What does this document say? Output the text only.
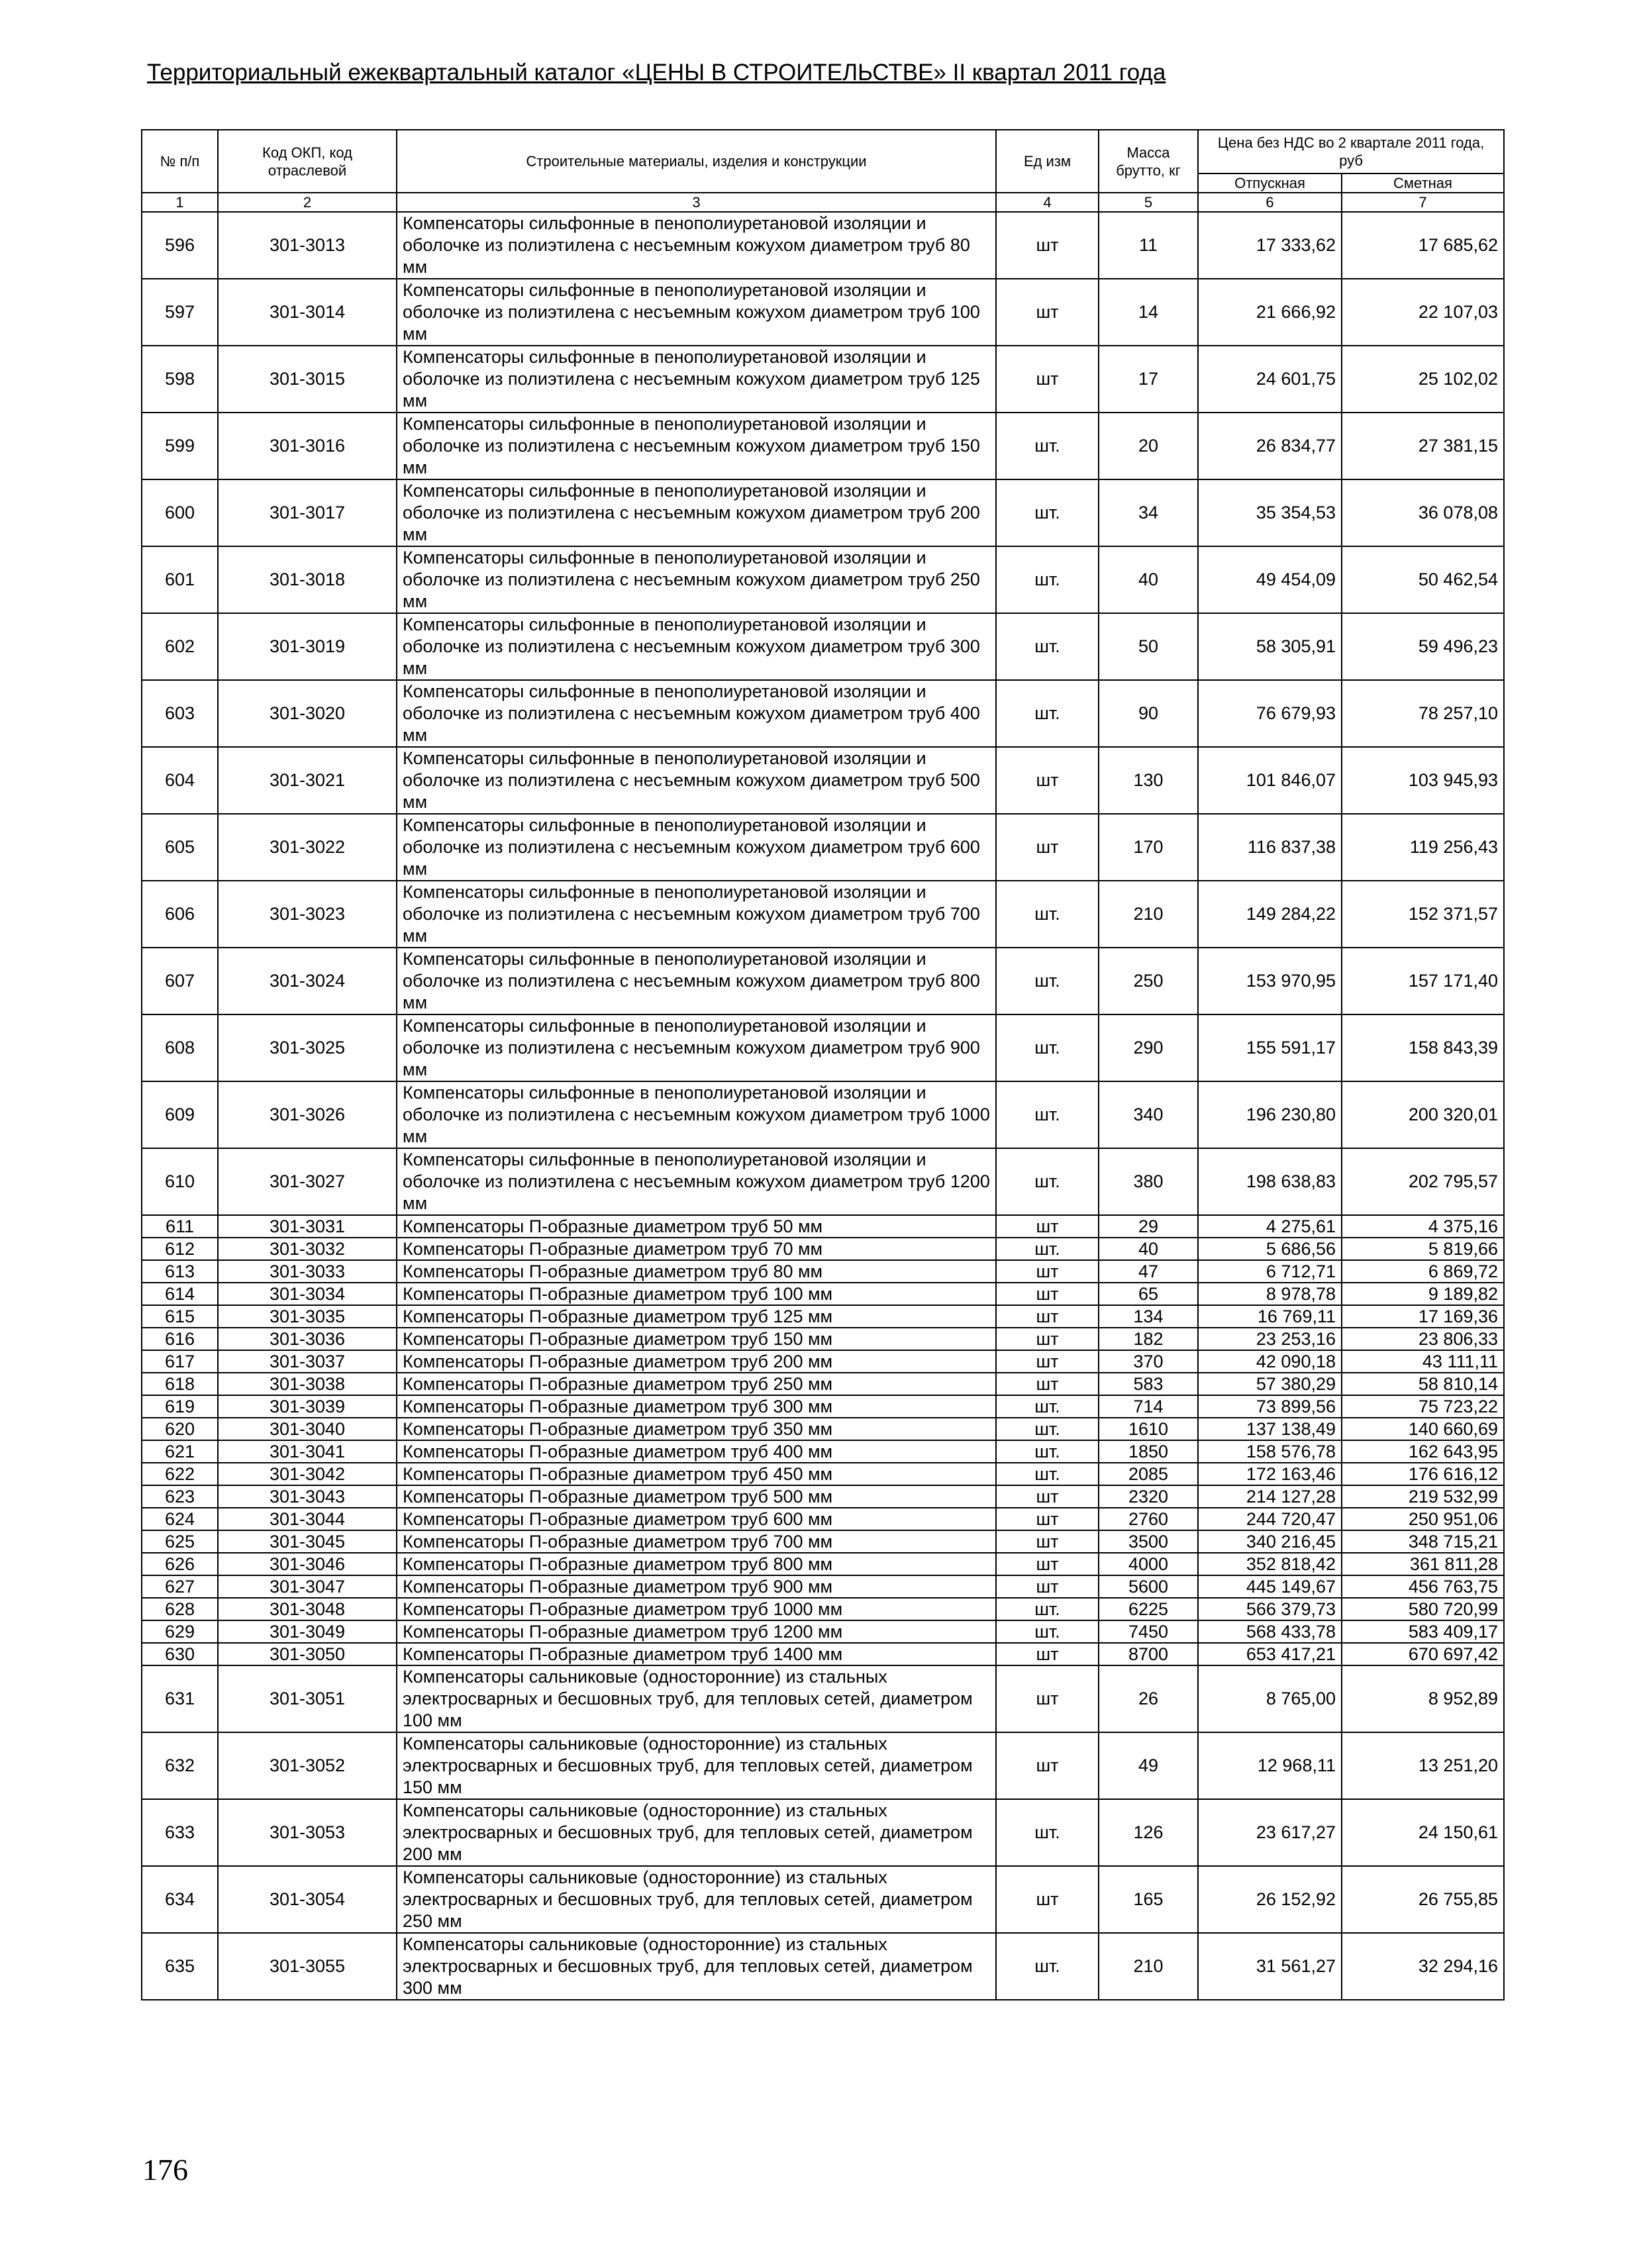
Территориальный ежеквартальный каталог «ЦЕНЫ В СТРОИТЕЛЬСТВЕ» II квартал 2011 года
№ п/п	Код ОКП, код отраслевой	Строительные материалы, изделия и конструкции	Ед изм	Масса брутто, кг	Цена без НДС во 2 квартале 2011 года, руб	
					Отпускная	Сметная
1	2	3	4	5	6	7
596	301-3013	Компенсаторы сильфонные в пенополиуретановой изоляции и оболочке из полиэтилена с несъемным кожухом диаметром труб 80 мм	шт	11	17 333,62	17 685,62
597	301-3014	Компенсаторы сильфонные в пенополиуретановой изоляции и оболочке из полиэтилена с несъемным кожухом диаметром труб 100 мм	шт	14	21 666,92	22 107,03
598	301-3015	Компенсаторы сильфонные в пенополиуретановой изоляции и оболочке из полиэтилена с несъемным кожухом диаметром труб 125 мм	шт	17	24 601,75	25 102,02
599	301-3016	Компенсаторы сильфонные в пенополиуретановой изоляции и оболочке из полиэтилена с несъемным кожухом диаметром труб 150 мм	шт.	20	26 834,77	27 381,15
600	301-3017	Компенсаторы сильфонные в пенополиуретановой изоляции и оболочке из полиэтилена с несъемным кожухом диаметром труб 200 мм	шт.	34	35 354,53	36 078,08
601	301-3018	Компенсаторы сильфонные в пенополиуретановой изоляции и оболочке из полиэтилена с несъемным кожухом диаметром труб 250 мм	шт.	40	49 454,09	50 462,54
602	301-3019	Компенсаторы сильфонные в пенополиуретановой изоляции и оболочке из полиэтилена с несъемным кожухом диаметром труб 300 мм	шт.	50	58 305,91	59 496,23
603	301-3020	Компенсаторы сильфонные в пенополиуретановой изоляции и оболочке из полиэтилена с несъемным кожухом диаметром труб 400 мм	шт.	90	76 679,93	78 257,10
604	301-3021	Компенсаторы сильфонные в пенополиуретановой изоляции и оболочке из полиэтилена с несъемным кожухом диаметром труб 500 мм	шт	130	101 846,07	103 945,93
605	301-3022	Компенсаторы сильфонные в пенополиуретановой изоляции и оболочке из полиэтилена с несъемным кожухом диаметром труб 600 мм	шт	170	116 837,38	119 256,43
606	301-3023	Компенсаторы сильфонные в пенополиуретановой изоляции и оболочке из полиэтилена с несъемным кожухом диаметром труб 700 мм	шт.	210	149 284,22	152 371,57
607	301-3024	Компенсаторы сильфонные в пенополиуретановой изоляции и оболочке из полиэтилена с несъемным кожухом диаметром труб 800 мм	шт.	250	153 970,95	157 171,40
608	301-3025	Компенсаторы сильфонные в пенополиуретановой изоляции и оболочке из полиэтилена с несъемным кожухом диаметром труб 900 мм	шт.	290	155 591,17	158 843,39
609	301-3026	Компенсаторы сильфонные в пенополиуретановой изоляции и оболочке из полиэтилена с несъемным кожухом диаметром труб 1000 мм	шт.	340	196 230,80	200 320,01
610	301-3027	Компенсаторы сильфонные в пенополиуретановой изоляции и оболочке из полиэтилена с несъемным кожухом диаметром труб 1200 мм	шт.	380	198 638,83	202 795,57
611	301-3031	Компенсаторы П-образные диаметром труб 50 мм	шт	29	4 275,61	4 375,16
612	301-3032	Компенсаторы П-образные диаметром труб 70 мм	шт.	40	5 686,56	5 819,66
613	301-3033	Компенсаторы П-образные диаметром труб 80 мм	шт	47	6 712,71	6 869,72
614	301-3034	Компенсаторы П-образные диаметром труб 100 мм	шт	65	8 978,78	9 189,82
615	301-3035	Компенсаторы П-образные диаметром труб 125 мм	шт	134	16 769,11	17 169,36
616	301-3036	Компенсаторы П-образные диаметром труб 150 мм	шт	182	23 253,16	23 806,33
617	301-3037	Компенсаторы П-образные диаметром труб 200 мм	шт	370	42 090,18	43 111,11
618	301-3038	Компенсаторы П-образные диаметром труб 250 мм	шт	583	57 380,29	58 810,14
619	301-3039	Компенсаторы П-образные диаметром труб 300 мм	шт.	714	73 899,56	75 723,22
620	301-3040	Компенсаторы П-образные диаметром труб 350 мм	шт.	1610	137 138,49	140 660,69
621	301-3041	Компенсаторы П-образные диаметром труб 400 мм	шт.	1850	158 576,78	162 643,95
622	301-3042	Компенсаторы П-образные диаметром труб 450 мм	шт.	2085	172 163,46	176 616,12
623	301-3043	Компенсаторы П-образные диаметром труб 500 мм	шт	2320	214 127,28	219 532,99
624	301-3044	Компенсаторы П-образные диаметром труб 600 мм	шт	2760	244 720,47	250 951,06
625	301-3045	Компенсаторы П-образные диаметром труб 700 мм	шт	3500	340 216,45	348 715,21
626	301-3046	Компенсаторы П-образные диаметром труб 800 мм	шт	4000	352 818,42	361 811,28
627	301-3047	Компенсаторы П-образные диаметром труб 900 мм	шт	5600	445 149,67	456 763,75
628	301-3048	Компенсаторы П-образные диаметром труб 1000 мм	шт.	6225	566 379,73	580 720,99
629	301-3049	Компенсаторы П-образные диаметром труб 1200 мм	шт.	7450	568 433,78	583 409,17
630	301-3050	Компенсаторы П-образные диаметром труб 1400 мм	шт	8700	653 417,21	670 697,42
631	301-3051	Компенсаторы сальниковые (односторонние) из стальных электросварных и бесшовных труб, для тепловых сетей, диаметром 100 мм	шт	26	8 765,00	8 952,89
632	301-3052	Компенсаторы сальниковые (односторонние) из стальных электросварных и бесшовных труб, для тепловых сетей, диаметром 150 мм	шт	49	12 968,11	13 251,20
633	301-3053	Компенсаторы сальниковые (односторонние) из стальных электросварных и бесшовных труб, для тепловых сетей, диаметром 200 мм	шт.	126	23 617,27	24 150,61
634	301-3054	Компенсаторы сальниковые (односторонние) из стальных электросварных и бесшовных труб, для тепловых сетей, диаметром 250 мм	шт	165	26 152,92	26 755,85
635	301-3055	Компенсаторы сальниковые (односторонние) из стальных электросварных и бесшовных труб, для тепловых сетей, диаметром 300 мм	шт.	210	31 561,27	32 294,16
176
